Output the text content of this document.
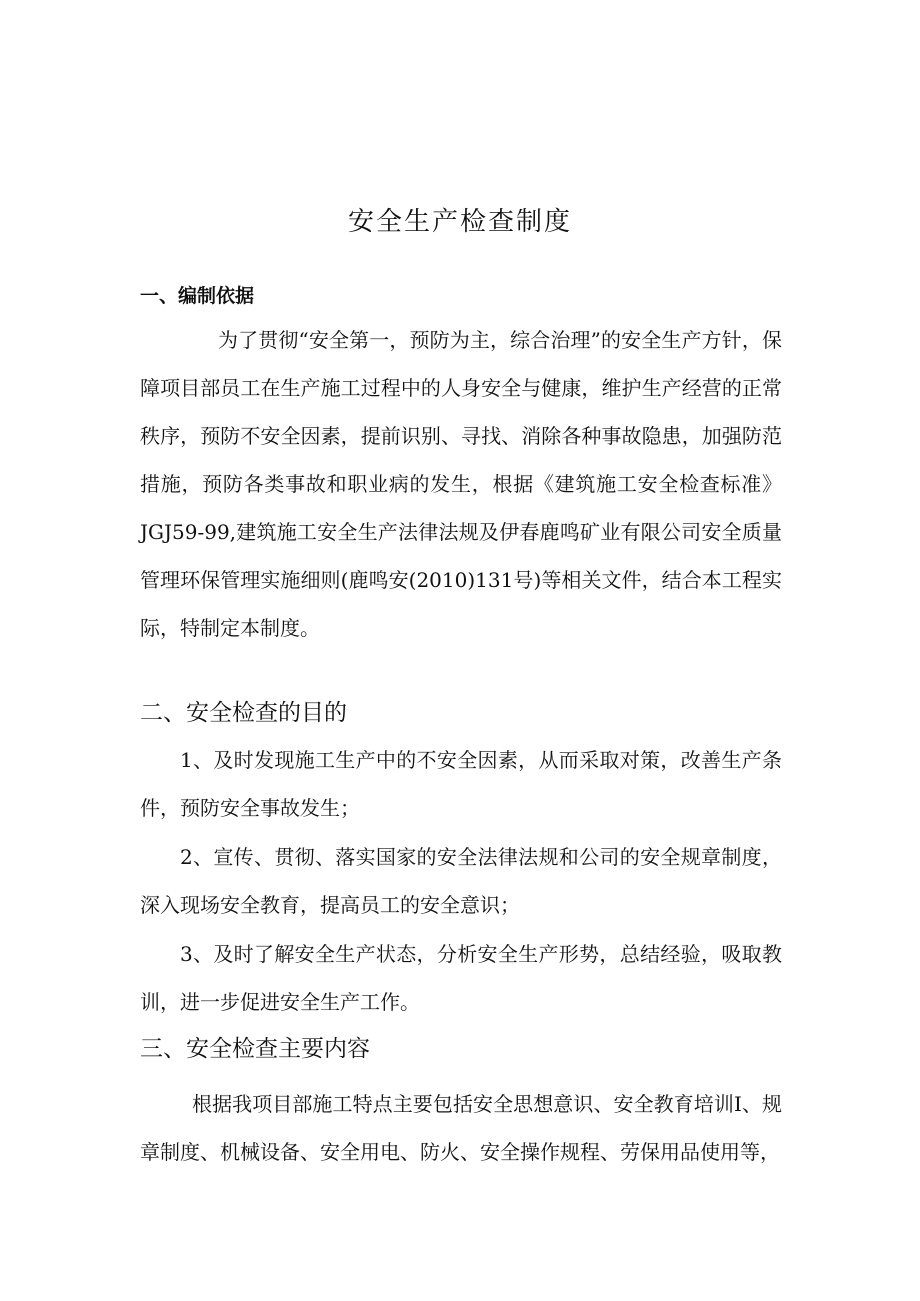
安全生产检查制度
一、编制依据

为了贯彻“安全第一，预防为主，综合治理”的安全生产方针，保障项目部员工在生产施工过程中的人身安全与健康，维护生产经营的正常秩序，预防不安全因素，提前识别、寻找、消除各种事故隐患，加强防范措施，预防各类事故和职业病的发生，根据《建筑施工安全检查标准》JGJ59-99,建筑施工安全生产法律法规及伊春鹿鸣矿业有限公司安全质量管理环保管理实施细则(鹿鸣安(2010)131号)等相关文件，结合本工程实际，特制定本制度。

二、安全检查的目的

1、及时发现施工生产中的不安全因素，从而采取对策，改善生产条件，预防安全事故发生；

2、宣传、贯彻、落实国家的安全法律法规和公司的安全规章制度，深入现场安全教育，提高员工的安全意识；

3、及时了解安全生产状态，分析安全生产形势，总结经验，吸取教训，进一步促进安全生产工作。

三、安全检查主要内容

根据我项目部施工特点主要包括安全思想意识、安全教育培训I、规章制度、机械设备、安全用电、防火、安全操作规程、劳保用品使用等，
